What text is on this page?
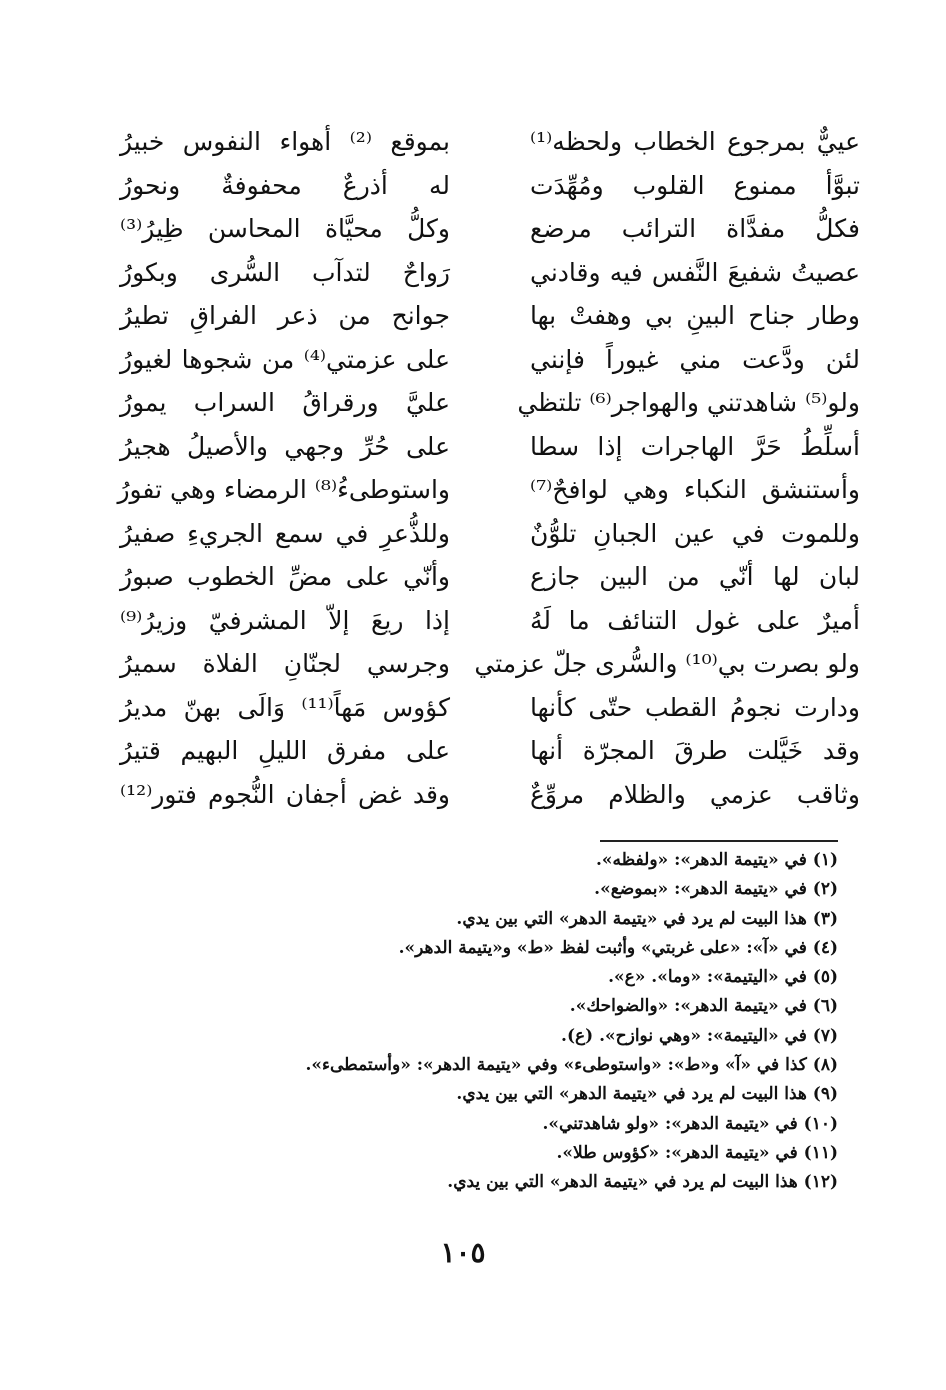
عييٌّ بمرجوع الخطاب ولحظه⁽¹⁾
بموقع ⁽²⁾ أهواء النفوس خبيرُ
تبوَّأ ممنوع القلوب ومُهِّدَت
له أذرعٌ محفوفةٌ ونحورُ
فكلُّ مفدَّاة الترائب مرضع
وكلُّ محيَّاة المحاسن ظِيرُ⁽³⁾
عصيتُ شفيعَ النَّفس فيه وقادني
رَواحٌ لتدآب السُّرى وبكورُ
وطار جناح البينِ بي وهفتْ بها
جوانح من ذعر الفراقِ تطيرُ
لئن ودَّعت مني غيوراً فإنني
على عزمتي⁽⁴⁾ من شجوها لغيورُ
ولو⁽⁵⁾ شاهدتني والهواجر⁽⁶⁾ تلتظي
عليَّ ورقراقُ السراب يمورُ
أسلِّطُ حَرَّ الهاجرات إذا سطا
على حُرِّ وجهي والأصيلُ هجيرُ
وأستنشق النكباء وهي لوافحٌ⁽⁷⁾
واستوطىءُ⁽⁸⁾ الرمضاء وهي تفورُ
وللموت في عين الجبانِ تلوُّنٌ
وللذُّعرِ في سمع الجريءِ صفيرُ
لبان لها أنّي من البين جازع
وأنّي على مضِّ الخطوب صبورُ
أميرٌ على غول التنائف ما لَهُ
إذا ريعَ إلاّ المشرفيّ وزيرُ⁽⁹⁾
ولو بصرت بي⁽¹⁰⁾ والسُّرى جلّ عزمتي
وجرسي لجنّانِ الفلاة سميرُ
ودارت نجومُ القطب حتّى كأنها
كؤوس مَهاً⁽¹¹⁾ وَالَى بهنّ مديرُ
وقد خَيَّلت طرقَ المجرّة أنها
على مفرق الليلِ البهيم قتيرُ
وثاقب عزمي والظلام مروِّعٌ
وقد غض أجفان النُّجوم فتور⁽¹²⁾
(١) في «يتيمة الدهر»: «ولفظه».
(٢) في «يتيمة الدهر»: «بموضع».
(٣) هذا البيت لم يرد في «يتيمة الدهر» التي بين يدي.
(٤) في «آ»: «على غربتي» وأثبت لفظ «ط» و«يتيمة الدهر».
(٥) في «اليتيمة»: «وما». «ع».
(٦) في «يتيمة الدهر»: «والضواحك».
(٧) في «اليتيمة»: «وهي نوازح». (ع).
(٨) كذا في «آ» و«ط»: «واستوطىء» وفي «يتيمة الدهر»: «وأستمطىء».
(٩) هذا البيت لم يرد في «يتيمة الدهر» التي بين يدي.
(١٠) في «يتيمة الدهر»: «ولو شاهدتني».
(١١) في «يتيمة الدهر»: «كؤوس طلا».
(١٢) هذا البيت لم يرد في «يتيمة الدهر» التي بين يدي.
١٠٥
